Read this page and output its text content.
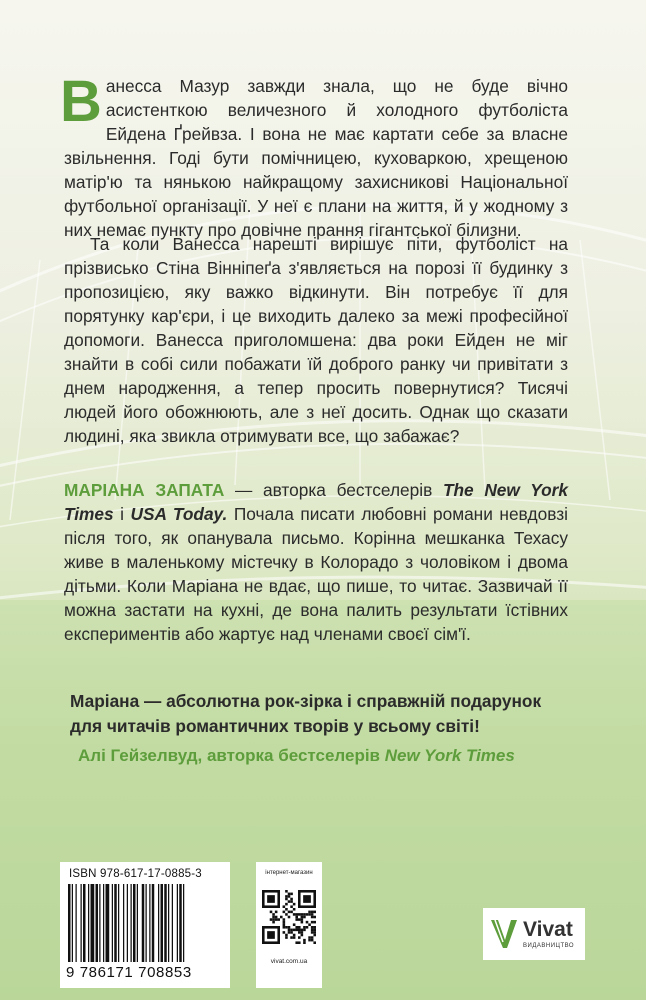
Ванесса Мазур завжди знала, що не буде вічно асистенткою величезного й холодного футболіста Ейдена Ґрейвза. І вона не має картати себе за власне звільнення. Годі бути помічницею, куховаркою, хрещеною матір'ю та нянькою найкращому захисникові Національної футбольної організації. У неї є плани на життя, й у жодному з них немає пункту про довічне прання гігантської білизни.
Та коли Ванесса нарешті вирішує піти, футболіст на прізвисько Стіна Вінніпеґа з'являється на порозі її будинку з пропозицією, яку важко відкинути. Він потребує її для порятунку кар'єри, і це виходить далеко за межі професійної допомоги. Ванесса приголомшена: два роки Ейден не міг знайти в собі сили побажати їй доброго ранку чи привітати з днем народження, а тепер просить повернутися? Тисячі людей його обожнюють, але з неї досить. Однак що сказати людині, яка звикла отримувати все, що забажає?
МАРІАНА ЗАПАТА — авторка бестселерів The New York Times і USA Today. Почала писати любовні романи невдовзі після того, як опанувала письмо. Корінна мешканка Техасу живе в маленькому містечку в Колорадо з чоловіком і двома дітьми. Коли Маріана не вдає, що пише, то читає. Зазвичай її можна застати на кухні, де вона палить результати їстівних експериментів або жартує над членами своєї сім'ї.
Маріана — абсолютна рок-зірка і справжній подарунок для читачів романтичних творів у всьому світі!
Алі Гейзелвуд, авторка бестселерів New York Times
ISBN 978-617-17-0885-3
9 786171 708853
інтернет-магазин
vivat.com.ua
Vivat
ВИДАВНИЦТВО
